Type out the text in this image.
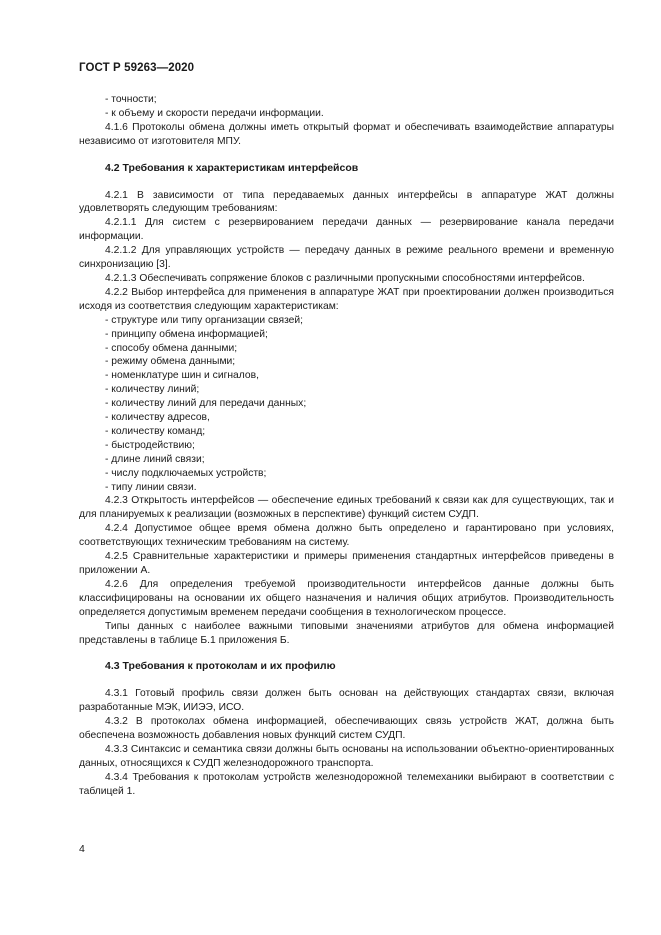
ГОСТ Р 59263—2020

- точности;

- к объему и скорости передачи информации.

4.1.6 Протоколы обмена должны иметь открытый формат и обеспечивать взаимодействие аппаратуры независимо от изготовителя МПУ.

4.2 Требования к характеристикам интерфейсов

4.2.1 В зависимости от типа передаваемых данных интерфейсы в аппаратуре ЖАТ должны удовлетворять следующим требованиям:

4.2.1.1 Для систем с резервированием передачи данных — резервирование канала передачи информации.

4.2.1.2 Для управляющих устройств — передачу данных в режиме реального времени и временную синхронизацию [3].

4.2.1.3 Обеспечивать сопряжение блоков с различными пропускными способностями интерфейсов.

4.2.2 Выбор интерфейса для применения в аппаратуре ЖАТ при проектировании должен производиться исходя из соответствия следующим характеристикам:

- структуре или типу организации связей;

- принципу обмена информацией;

- способу обмена данными;

- режиму обмена данными;

- номенклатуре шин и сигналов,

- количеству линий;

- количеству линий для передачи данных;

- количеству адресов,

- количеству команд;

- быстродействию;

- длине линий связи;

- числу подключаемых устройств;

- типу линии связи.

4.2.3 Открытость интерфейсов — обеспечение единых требований к связи как для существующих, так и для планируемых к реализации (возможных в перспективе) функций систем СУДП.

4.2.4 Допустимое общее время обмена должно быть определено и гарантировано при условиях, соответствующих техническим требованиям на систему.

4.2.5 Сравнительные характеристики и примеры применения стандартных интерфейсов приведены в приложении А.

4.2.6 Для определения требуемой производительности интерфейсов данные должны быть классифицированы на основании их общего назначения и наличия общих атрибутов. Производительность определяется допустимым временем передачи сообщения в технологическом процессе.

Типы данных с наиболее важными типовыми значениями атрибутов для обмена информацией представлены в таблице Б.1 приложения Б.

4.3 Требования к протоколам и их профилю

4.3.1 Готовый профиль связи должен быть основан на действующих стандартах связи, включая разработанные МЭК, ИИЭЭ, ИСО.

4.3.2 В протоколах обмена информацией, обеспечивающих связь устройств ЖАТ, должна быть обеспечена возможность добавления новых функций систем СУДП.

4.3.3 Синтаксис и семантика связи должны быть основаны на использовании объектно-ориентированных данных, относящихся к СУДП железнодорожного транспорта.

4.3.4 Требования к протоколам устройств железнодорожной телемеханики выбирают в соответствии с таблицей 1.

4
